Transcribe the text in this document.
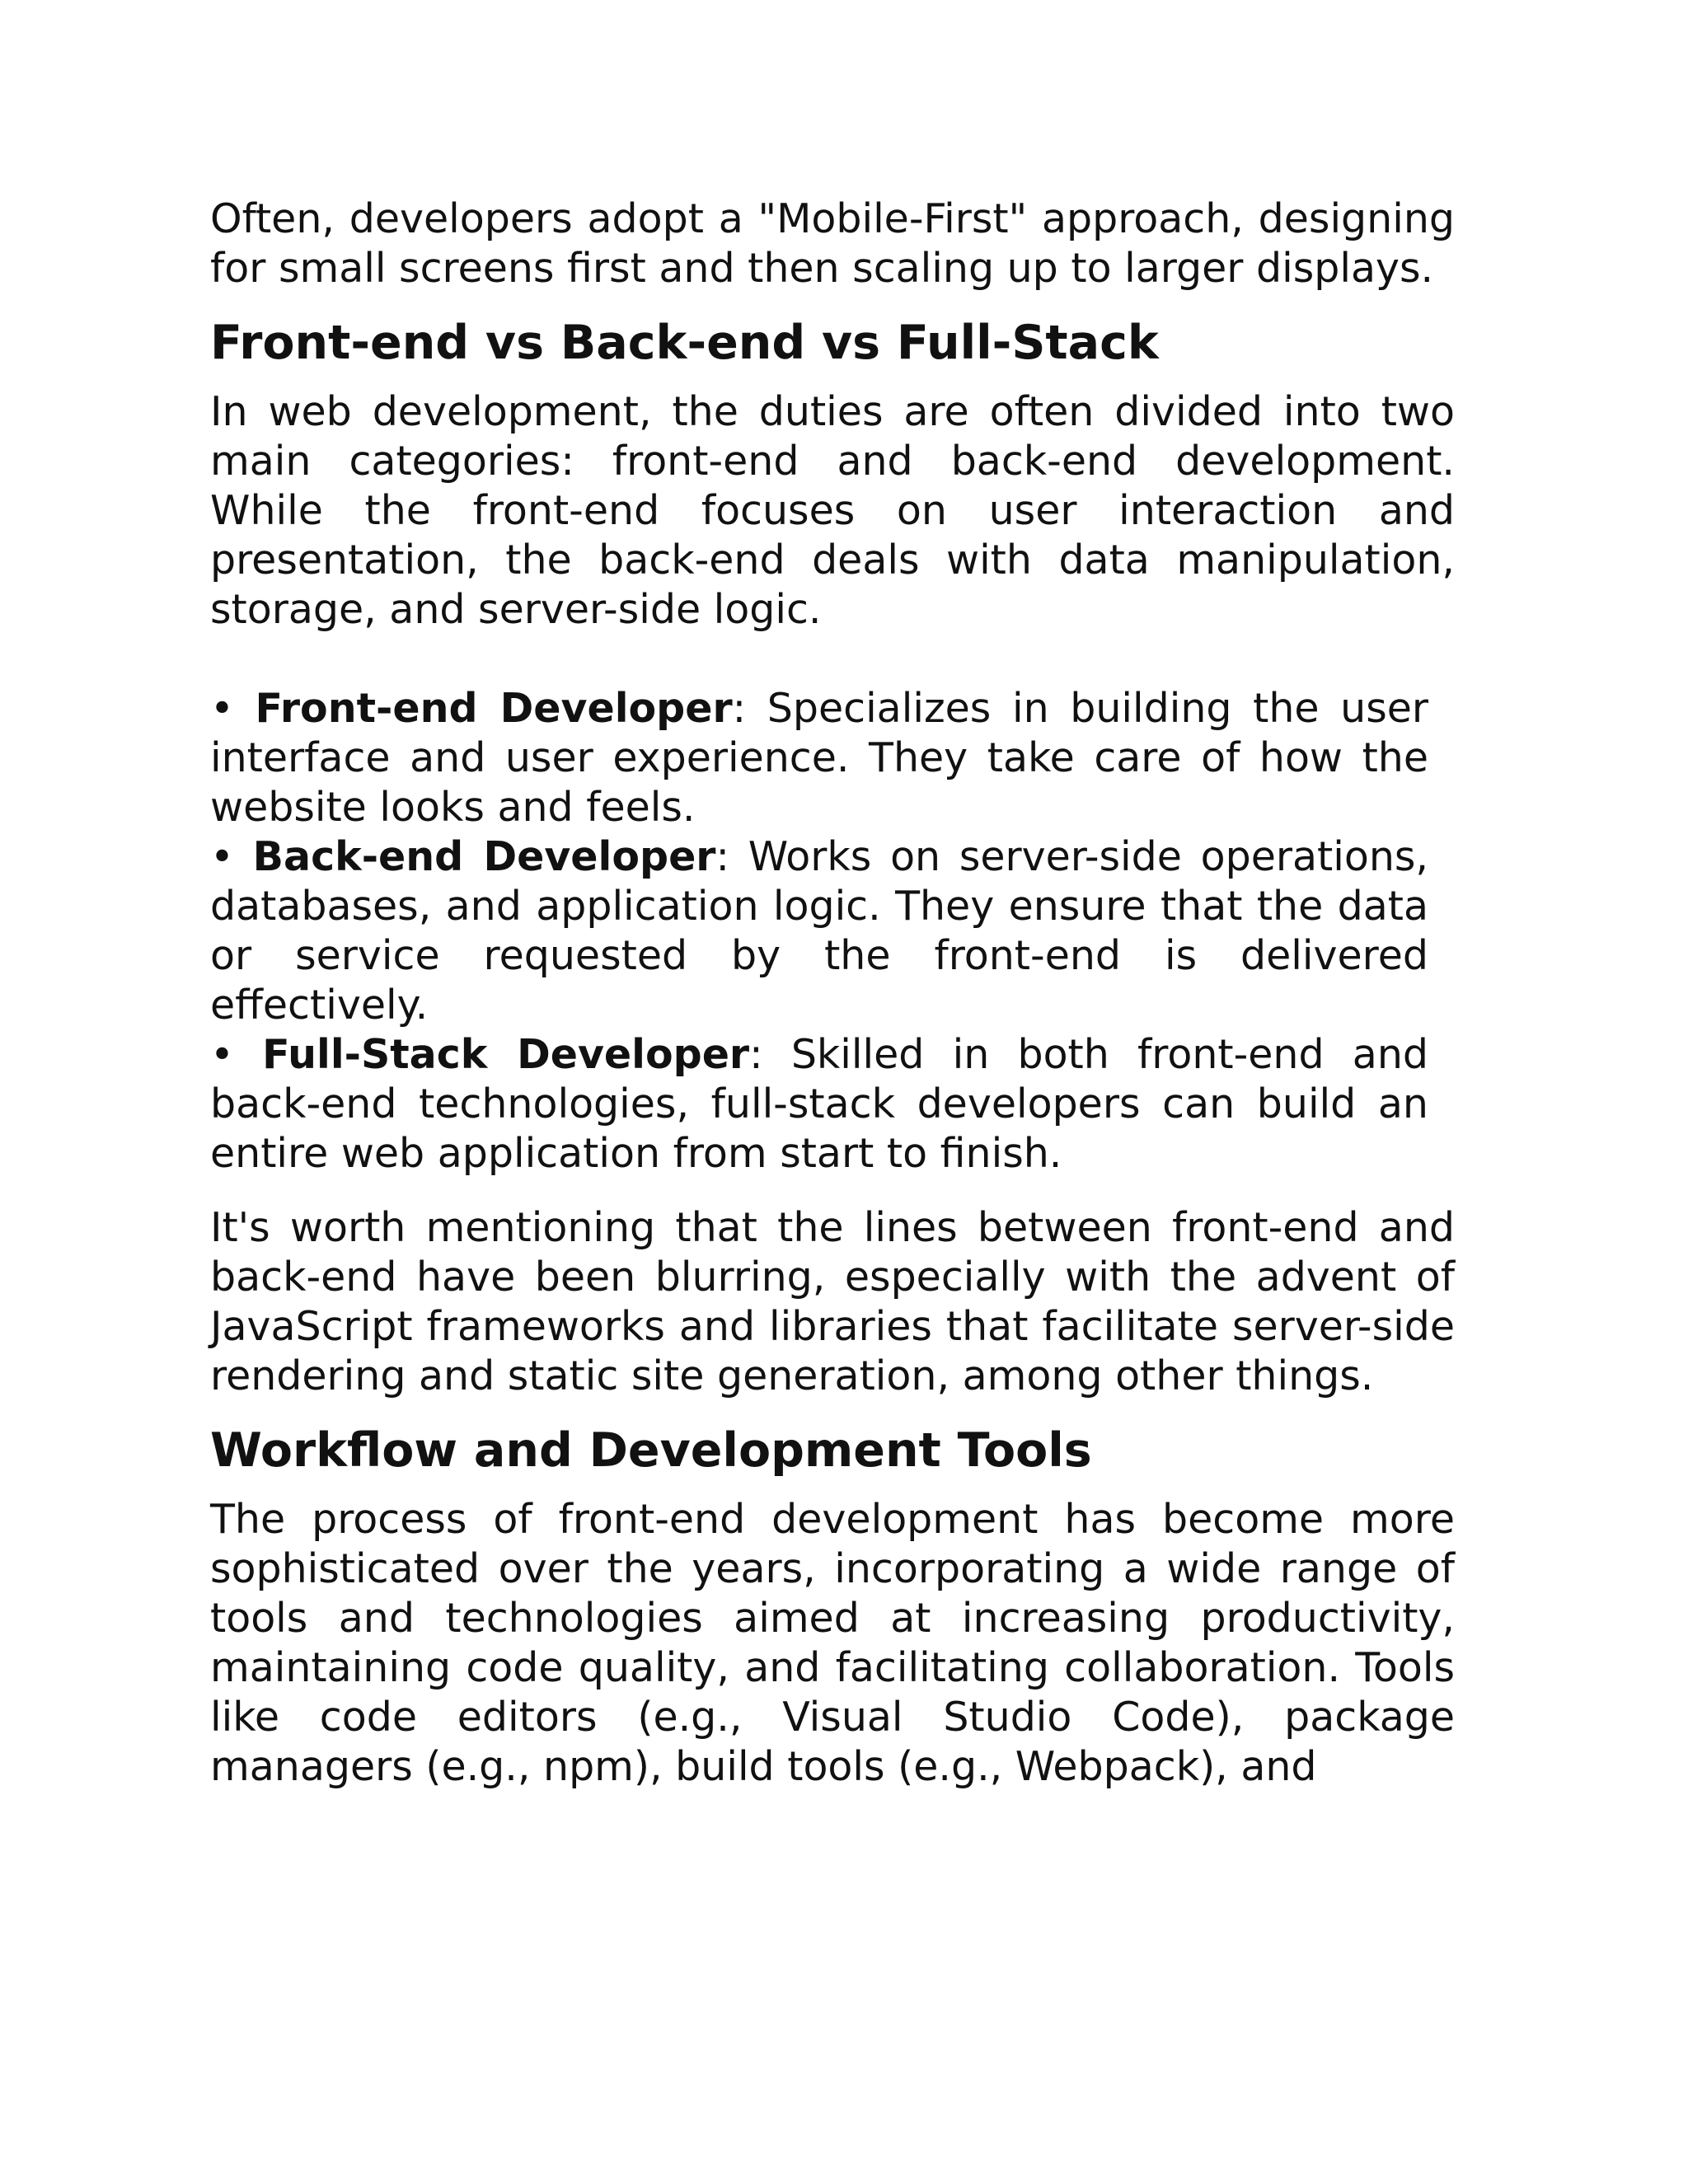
Often, developers adopt a "Mobile-First" approach, designing for small screens first and then scaling up to larger displays.

Front-end vs Back-end vs Full-Stack

In web development, the duties are often divided into two main categories: front-end and back-end development. While the front-end focuses on user interaction and presentation, the back-end deals with data manipulation, storage, and server-side logic.

• Front-end Developer: Specializes in building the user interface and user experience. They take care of how the website looks and feels.

• Back-end Developer: Works on server-side operations, databases, and application logic. They ensure that the data or service requested by the front-end is delivered effectively.

• Full-Stack Developer: Skilled in both front-end and back-end technologies, full-stack developers can build an entire web application from start to finish.

It's worth mentioning that the lines between front-end and back-end have been blurring, especially with the advent of JavaScript frameworks and libraries that facilitate server-side rendering and static site generation, among other things.

Workflow and Development Tools

The process of front-end development has become more sophisticated over the years, incorporating a wide range of tools and technologies aimed at increasing productivity, maintaining code quality, and facilitating collaboration. Tools like code editors (e.g., Visual Studio Code), package managers (e.g., npm), build tools (e.g., Webpack), and
